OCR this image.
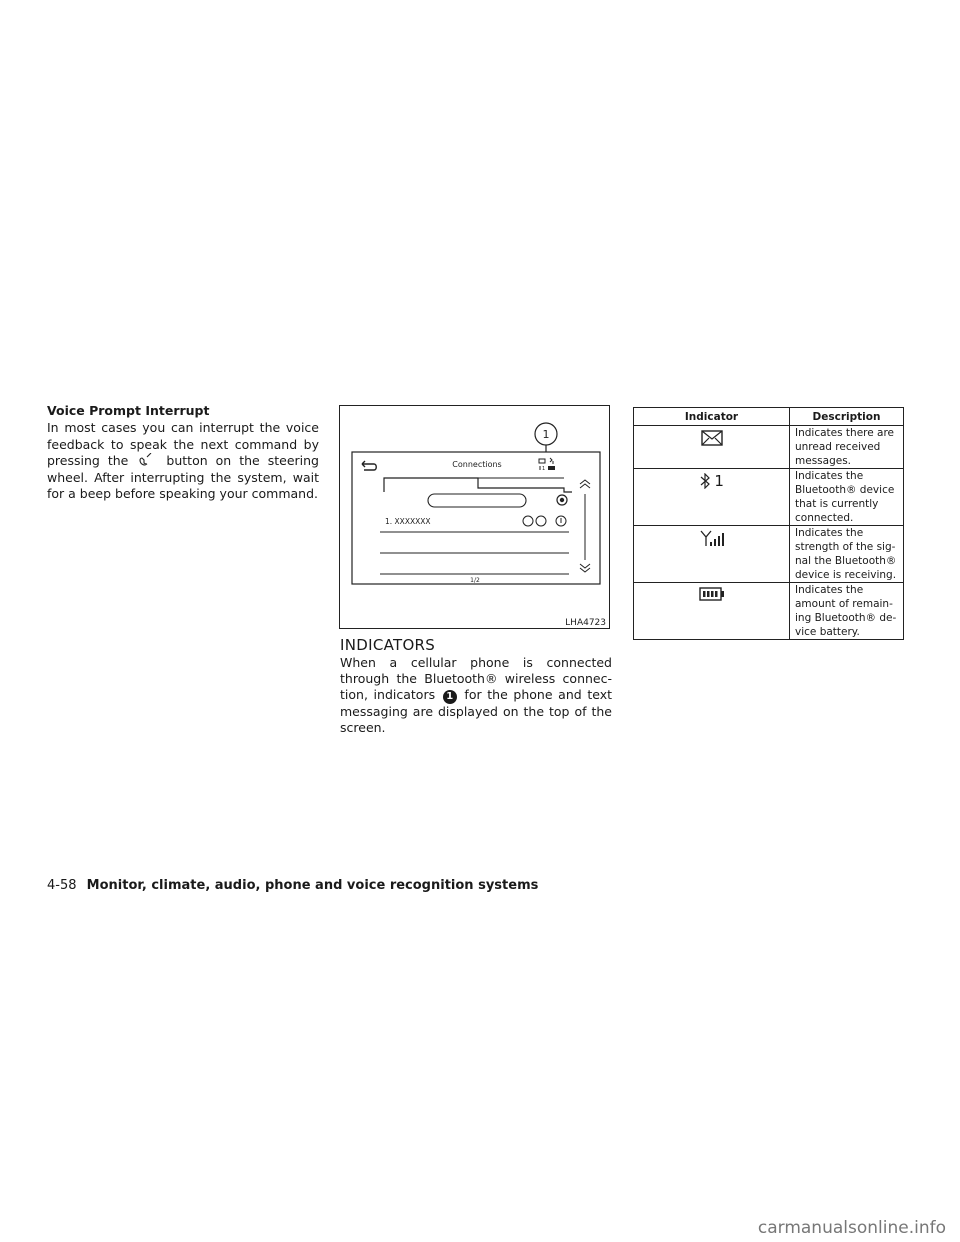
Voice Prompt Interrupt

In most cases you can interrupt the voice feedback to speak the next command by pressing the	button on the steering wheel. After interrupting the system, wait for a beep before speaking your command.

1
Connections	1
1. XXXXXXX
1/2
LHA4723
INDICATORS

When a cellular phone is connected through the Bluetooth® wireless connec- tion, indicators 1 for the phone and text messaging are displayed on the top of the screen.

Indicator	Description

	Indicates there are unread received messages.

1	Indicates the Bluetooth® device that is currently connected.

	Indicates the strength of the sig- nal the Bluetooth® device is receiving.

	Indicates the amount of remain- ing Bluetooth® de- vice battery.
4-58 Monitor, climate, audio, phone and voice recognition systems
carmanualsonline.info
